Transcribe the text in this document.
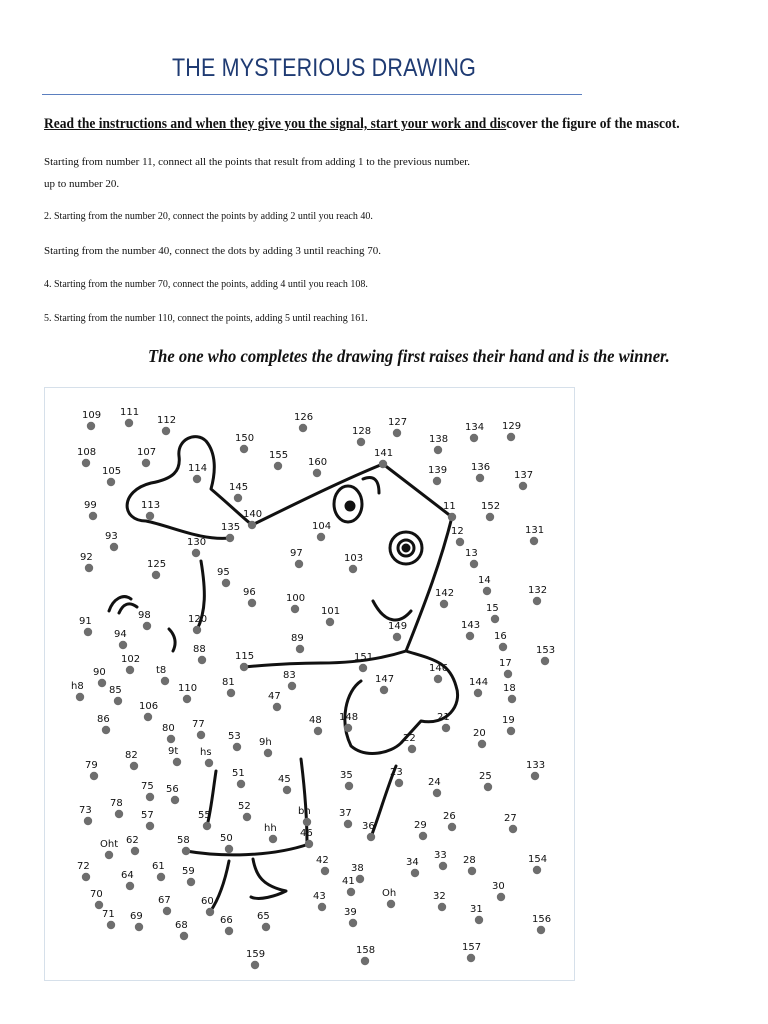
THE MYSTERIOUS DRAWING
Read the instructions and when they give you the signal, start your work and discover the figure of the mascot.
Starting from number 11, connect all the points that result from adding 1 to the previous number.
up to number 20.
2. Starting from the number 20, connect the points by adding 2 until you reach 40.
Starting from the number 40, connect the dots by adding 3 until reaching 70.
4. Starting from the number 70, connect the points, adding 4 until you reach 108.
5. Starting from the number 110, connect the points, adding 5 until reaching 161.
The one who completes the drawing first raises their hand and is the winner.
109 111
112	126
128
127
138
134 129
108	107
105
150
155
160
141
139 136
137
114
145
99	113
140
104
11	152
131
92
93
130
135
97	103
12
13
125
95
96
100	142
14
132
98	101
149
15
91
94
120
143
16
153
89
88
115	151
146	17
90
102
t8
147	144
85	110
81
83
18
h8
47
48 148	21
106
86
80 77
53	20
19
22
9t hs
9h
79
82
51
45	35	23
24
25
133
75 56
78
57
52	bh	37
55
36	29
26	27
73
62	58	50
hh 46
Oht
42
38
34
33 28	154
61
64	59
72
41	30
60
Oh
67
70
66 65
43
39
32
31
156
71 69
68
159	158	157
